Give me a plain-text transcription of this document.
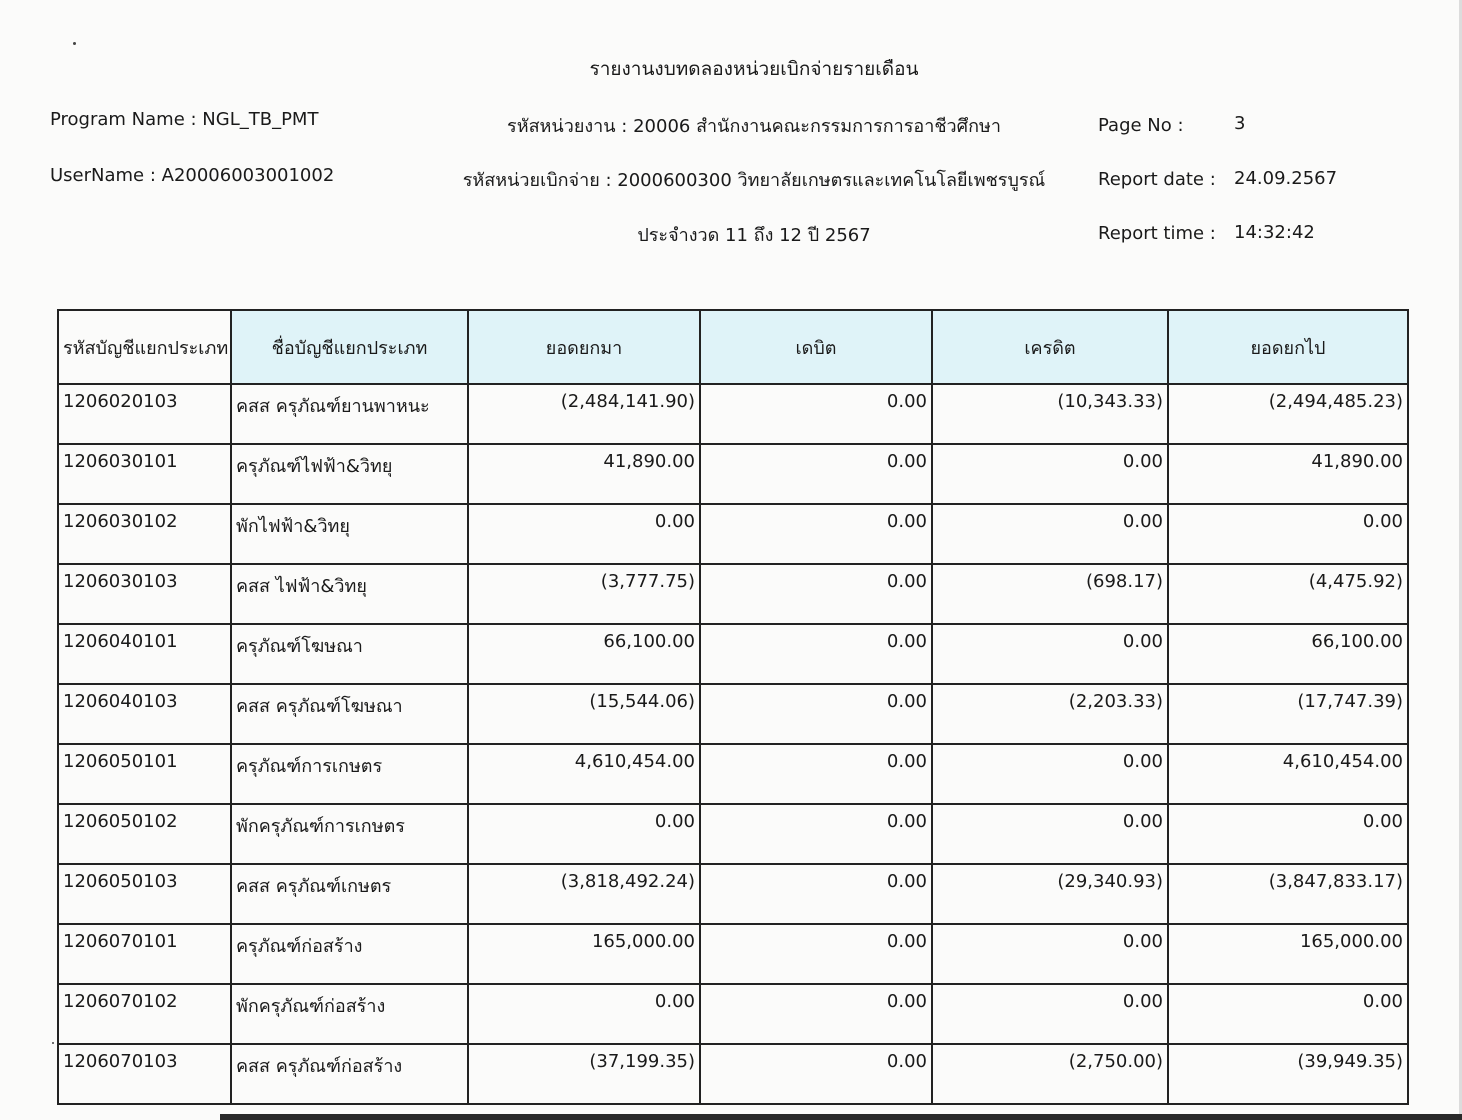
รายงานงบทดลองหน่วยเบิกจ่ายรายเดือน
Program Name : NGL_TB_PMT
UserName : A20006003001002
รหัสหน่วยงาน : 20006 สำนักงานคณะกรรมการการอาชีวศึกษา
รหัสหน่วยเบิกจ่าย : 2000600300 วิทยาลัยเกษตรและเทคโนโลยีเพชรบูรณ์
ประจำงวด 11 ถึง 12 ปี 2567
Page No :	3
Report date : 24.09.2567
Report time : 14:32:42
รหัสบัญชีแยกประเภท	ชื่อบัญชีแยกประเภท	ยอดยกมา	เดบิต	เครดิต	ยอดยกไป
1206020103	คสส ครุภัณฑ์ยานพาหนะ	(2,484,141.90)	0.00	(10,343.33)	(2,494,485.23)
1206030101	ครุภัณฑ์ไฟฟ้า&วิทยุ	41,890.00	0.00	0.00	41,890.00
1206030102	พักไฟฟ้า&วิทยุ	0.00	0.00	0.00	0.00
1206030103	คสส ไฟฟ้า&วิทยุ	(3,777.75)	0.00	(698.17)	(4,475.92)
1206040101	ครุภัณฑ์โฆษณา	66,100.00	0.00	0.00	66,100.00
1206040103	คสส ครุภัณฑ์โฆษณา	(15,544.06)	0.00	(2,203.33)	(17,747.39)
1206050101	ครุภัณฑ์การเกษตร	4,610,454.00	0.00	0.00	4,610,454.00
1206050102	พักครุภัณฑ์การเกษตร	0.00	0.00	0.00	0.00
1206050103	คสส ครุภัณฑ์เกษตร	(3,818,492.24)	0.00	(29,340.93)	(3,847,833.17)
1206070101	ครุภัณฑ์ก่อสร้าง	165,000.00	0.00	0.00	165,000.00
1206070102	พักครุภัณฑ์ก่อสร้าง	0.00	0.00	0.00	0.00
1206070103	คสส ครุภัณฑ์ก่อสร้าง	(37,199.35)	0.00	(2,750.00)	(39,949.35)
